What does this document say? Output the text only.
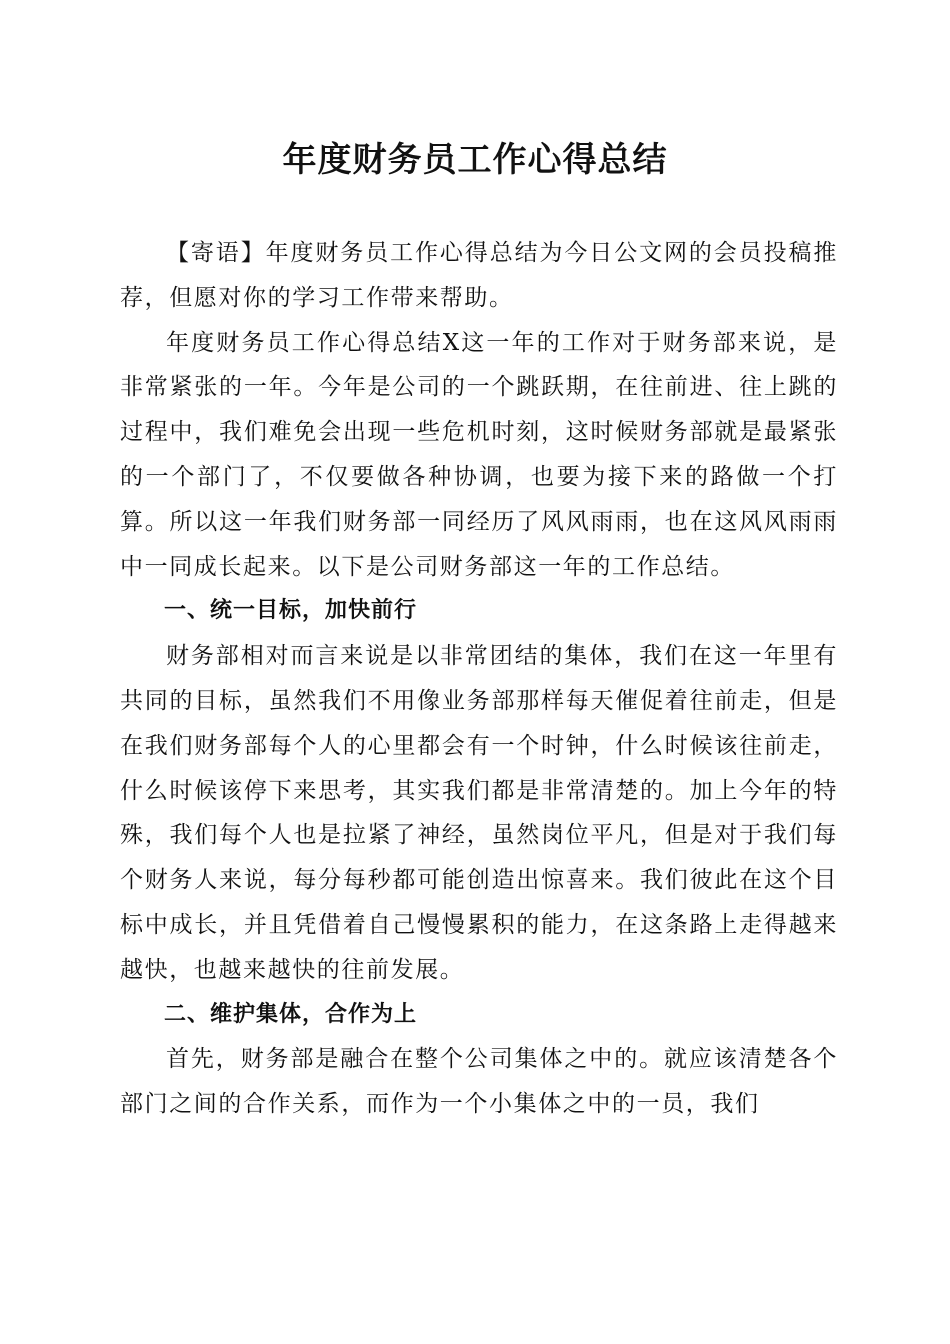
年度财务员工作心得总结

【寄语】年度财务员工作心得总结为今日公文网的会员投稿推荐，但愿对你的学习工作带来帮助。

年度财务员工作心得总结X这一年的工作对于财务部来说，是非常紧张的一年。今年是公司的一个跳跃期，在往前进、往上跳的过程中，我们难免会出现一些危机时刻，这时候财务部就是最紧张的一个部门了，不仅要做各种协调，也要为接下来的路做一个打算。所以这一年我们财务部一同经历了风风雨雨，也在这风风雨雨中一同成长起来。以下是公司财务部这一年的工作总结。

一、统一目标，加快前行

财务部相对而言来说是以非常团结的集体，我们在这一年里有共同的目标，虽然我们不用像业务部那样每天催促着往前走，但是在我们财务部每个人的心里都会有一个时钟，什么时候该往前走，什么时候该停下来思考，其实我们都是非常清楚的。加上今年的特殊，我们每个人也是拉紧了神经，虽然岗位平凡，但是对于我们每个财务人来说，每分每秒都可能创造出惊喜来。我们彼此在这个目标中成长，并且凭借着自己慢慢累积的能力，在这条路上走得越来越快，也越来越快的往前发展。

二、维护集体，合作为上

首先，财务部是融合在整个公司集体之中的。就应该清楚各个部门之间的合作关系，而作为一个小集体之中的一员，我们
